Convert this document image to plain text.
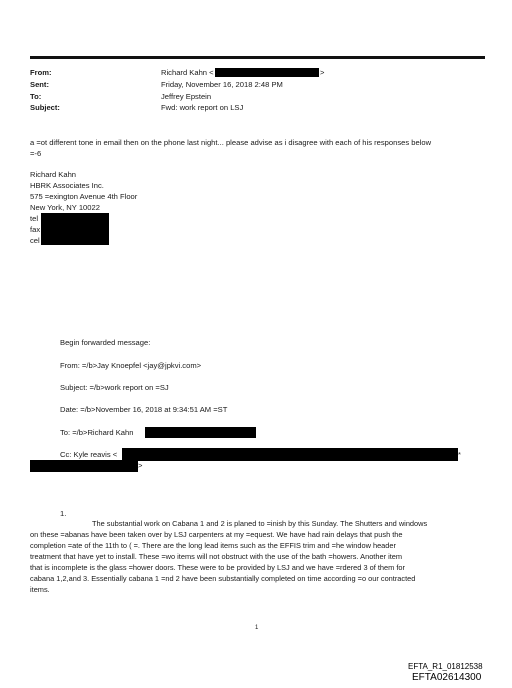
From:	Richard Kahn <	>
Sent:	Friday, November 16, 2018 2:48 PM
To:	Jeffrey Epstein
Subject:	Fwd: work report on LSJ
a =ot different tone in email then on the phone last night... please advise as i disagree with each of his responses below
=-6
Richard Kahn
HBRK Associates Inc.
575 =exington Avenue 4th Floor
New York, NY 10022
tel
fax
cel
Begin forwarded message:
From: =/b>Jay Knoepfel <jay@jpkvi.com>
Subject: =/b>work report on =SJ
Date: =/b>November 16, 2018 at 9:34:51 AM =ST
To: =/b>Richard Kahn
Cc: Kyle reavis <	*
>
1.
The substantial work on Cabana 1 and 2 is planed to =inish by this Sunday. The Shutters and windows
on these =abanas have been taken over by LSJ carpenters at my =equest. We have had rain delays that push the
completion =ate of the 11th to ( =. There are the long lead items such as the EFFIS trim and =he window header
treatment that have yet to install. These =wo items will not obstruct with the use of the bath =howers. Another item
that is incomplete is the glass =hower doors. These were to be provided by LSJ and we have =rdered 3 of them for
cabana 1,2,and 3. Essentially cabana 1 =nd 2 have been substantially completed on time according =o our contracted
items.
1
EFTA_R1_01812538
EFTA02614300
